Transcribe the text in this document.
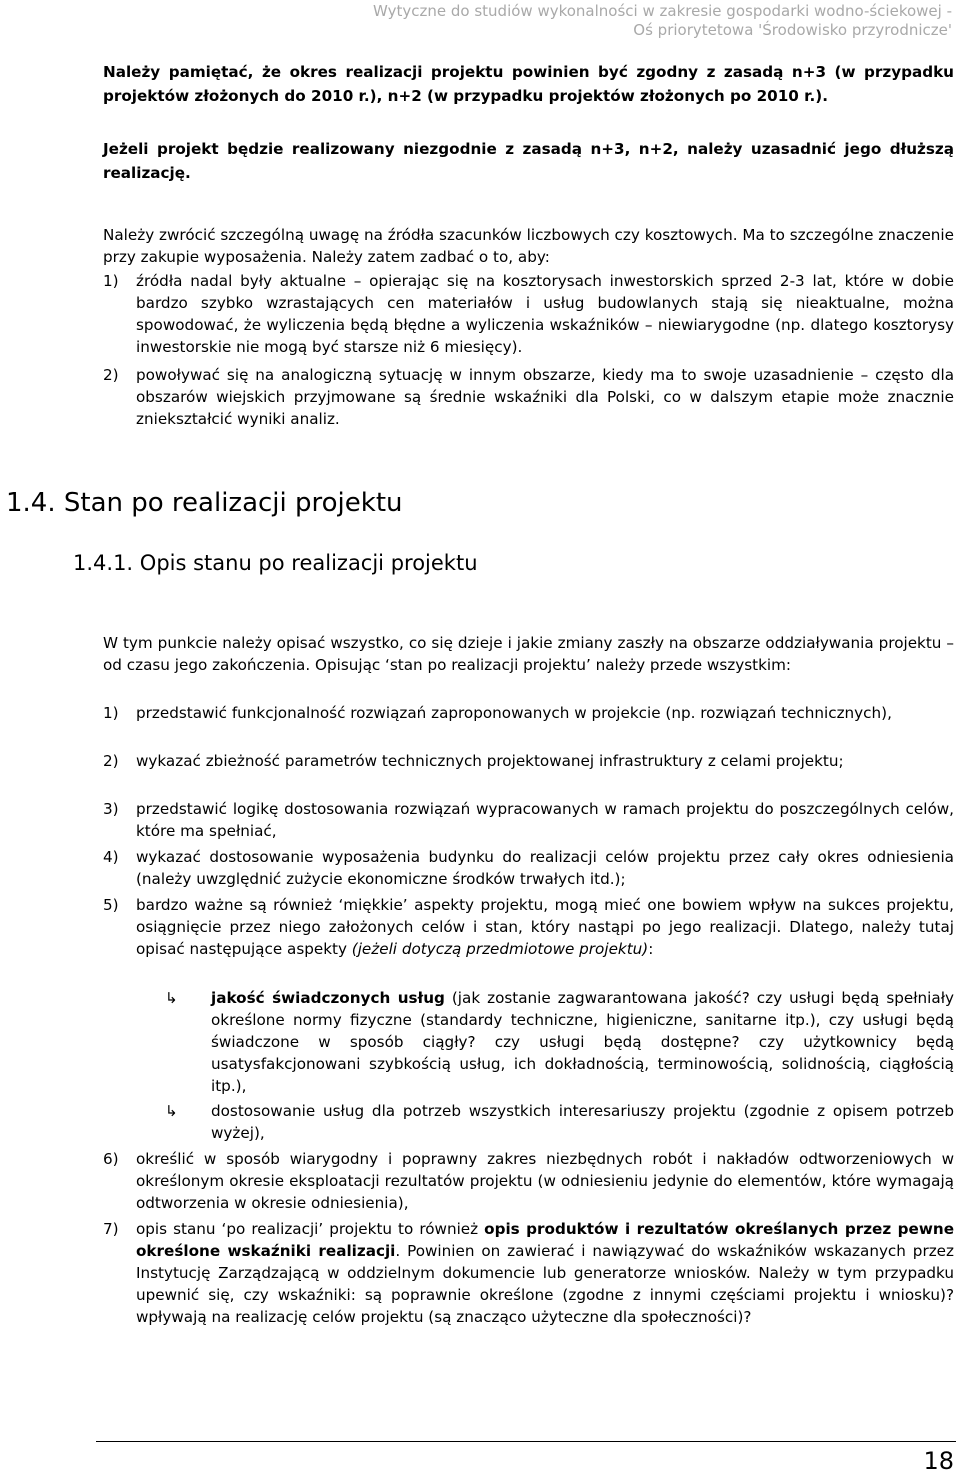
Wytyczne do studiów wykonalności w zakresie gospodarki wodno-ściekowej -
Oś priorytetowa 'Środowisko przyrodnicze'
Należy pamiętać, że okres realizacji projektu powinien być zgodny z zasadą n+3 (w przypadku projektów złożonych do 2010 r.), n+2 (w przypadku projektów złożonych po 2010 r.).
Jeżeli projekt będzie realizowany niezgodnie z zasadą n+3, n+2, należy uzasadnić jego dłuższą realizację.
Należy zwrócić szczególną uwagę na źródła szacunków liczbowych czy kosztowych. Ma to szczególne znaczenie przy zakupie wyposażenia. Należy zatem zadbać o to, aby:
1)	źródła nadal były aktualne – opierając się na kosztorysach inwestorskich sprzed 2-3 lat, które w dobie bardzo szybko wzrastających cen materiałów i usług budowlanych stają się nieaktualne, można spowodować, że wyliczenia będą błędne a wyliczenia wskaźników – niewiarygodne (np. dlatego kosztorysy inwestorskie nie mogą być starsze niż 6 miesięcy).
2)	powoływać się na analogiczną sytuację w innym obszarze, kiedy ma to swoje uzasadnienie – często dla obszarów wiejskich przyjmowane są średnie wskaźniki dla Polski, co w dalszym etapie może znacznie zniekształcić wyniki analiz.
1.4. Stan po realizacji projektu
1.4.1. Opis stanu po realizacji projektu
W tym punkcie należy opisać wszystko, co się dzieje i jakie zmiany zaszły na obszarze oddziaływania projektu – od czasu jego zakończenia. Opisując ‘stan po realizacji projektu’ należy przede wszystkim:
1)	przedstawić funkcjonalność rozwiązań zaproponowanych w projekcie (np. rozwiązań technicznych),
2)	wykazać zbieżność parametrów technicznych projektowanej infrastruktury z celami projektu;
3)	przedstawić logikę dostosowania rozwiązań wypracowanych w ramach projektu do poszczególnych celów, które ma spełniać,
4)	wykazać dostosowanie wyposażenia budynku do realizacji celów projektu przez cały okres odniesienia (należy uwzględnić zużycie ekonomiczne środków trwałych itd.);
5)	bardzo ważne są również ‘miękkie’ aspekty projektu, mogą mieć one bowiem wpływ na sukces projektu, osiągnięcie przez niego założonych celów i stan, który nastąpi po jego realizacji. Dlatego, należy tutaj opisać następujące aspekty (jeżeli dotyczą przedmiotowe projektu):
↳	jakość świadczonych usług (jak zostanie zagwarantowana jakość? czy usługi będą spełniały określone normy fizyczne (standardy techniczne, higieniczne, sanitarne itp.), czy usługi będą świadczone w sposób ciągły? czy usługi będą dostępne? czy użytkownicy będą usatysfakcjonowani szybkością usług, ich dokładnością, terminowością, solidnością, ciągłością itp.),
↳	dostosowanie usług dla potrzeb wszystkich interesariuszy projektu (zgodnie z opisem potrzeb wyżej),
6)	określić w sposób wiarygodny i poprawny zakres niezbędnych robót i nakładów odtworzeniowych w określonym okresie eksploatacji rezultatów projektu (w odniesieniu jedynie do elementów, które wymagają odtworzenia w okresie odniesienia),
7)	opis stanu ‘po realizacji’ projektu to również opis produktów i rezultatów określanych przez pewne określone wskaźniki realizacji. Powinien on zawierać i nawiązywać do wskaźników wskazanych przez Instytucję Zarządzającą w oddzielnym dokumencie lub generatorze wniosków. Należy w tym przypadku upewnić się, czy wskaźniki: są poprawnie określone (zgodne z innymi częściami projektu i wniosku)? wpływają na realizację celów projektu (są znacząco użyteczne dla społeczności)?
18
